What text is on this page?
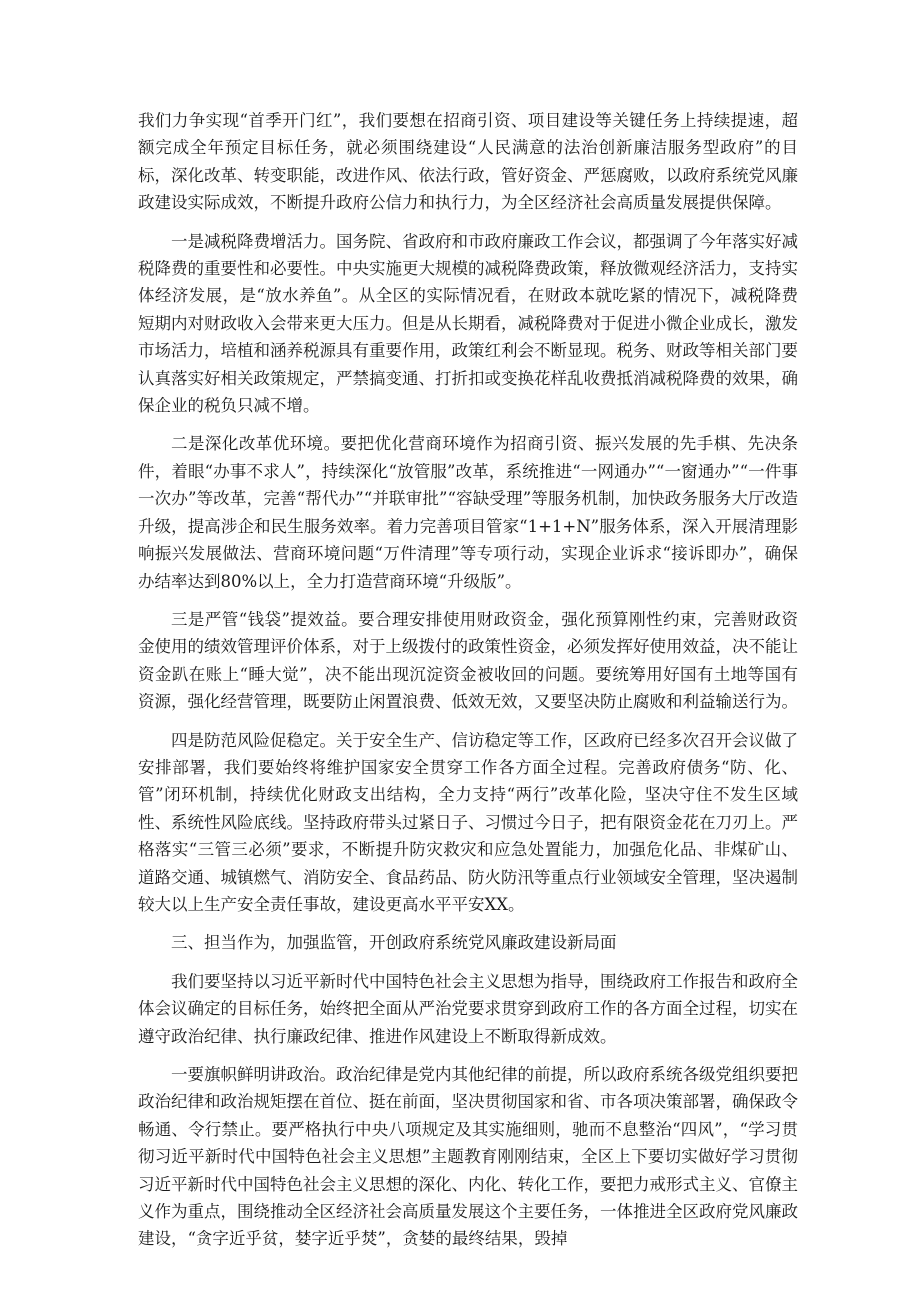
我们力争实现“首季开门红”，我们要想在招商引资、项目建设等关键任务上持续提速，超额完成全年预定目标任务，就必须围绕建设“人民满意的法治创新廉洁服务型政府”的目标，深化改革、转变职能，改进作风、依法行政，管好资金、严惩腐败，以政府系统党风廉政建设实际成效，不断提升政府公信力和执行力，为全区经济社会高质量发展提供保障。

一是减税降费增活力。国务院、省政府和市政府廉政工作会议，都强调了今年落实好减税降费的重要性和必要性。中央实施更大规模的减税降费政策，释放微观经济活力，支持实体经济发展，是“放水养鱼”。从全区的实际情况看，在财政本就吃紧的情况下，减税降费短期内对财政收入会带来更大压力。但是从长期看，减税降费对于促进小微企业成长，激发市场活力，培植和涵养税源具有重要作用，政策红利会不断显现。税务、财政等相关部门要认真落实好相关政策规定，严禁搞变通、打折扣或变换花样乱收费抵消减税降费的效果，确保企业的税负只减不增。

二是深化改革优环境。要把优化营商环境作为招商引资、振兴发展的先手棋、先决条件，着眼“办事不求人”，持续深化“放管服”改革，系统推进“一网通办”“一窗通办”“一件事一次办”等改革，完善“帮代办”“并联审批”“容缺受理”等服务机制，加快政务服务大厅改造升级，提高涉企和民生服务效率。着力完善项目管家“1+1+N”服务体系，深入开展清理影响振兴发展做法、营商环境问题“万件清理”等专项行动，实现企业诉求“接诉即办”，确保办结率达到80%以上，全力打造营商环境“升级版”。

三是严管“钱袋”提效益。要合理安排使用财政资金，强化预算刚性约束，完善财政资金使用的绩效管理评价体系，对于上级拨付的政策性资金，必须发挥好使用效益，决不能让资金趴在账上“睡大觉”，决不能出现沉淀资金被收回的问题。要统筹用好国有土地等国有资源，强化经营管理，既要防止闲置浪费、低效无效，又要坚决防止腐败和利益输送行为。

四是防范风险促稳定。关于安全生产、信访稳定等工作，区政府已经多次召开会议做了安排部署，我们要始终将维护国家安全贯穿工作各方面全过程。完善政府债务“防、化、管”闭环机制，持续优化财政支出结构，全力支持“两行”改革化险，坚决守住不发生区域性、系统性风险底线。坚持政府带头过紧日子、习惯过今日子，把有限资金花在刀刃上。严格落实“三管三必须”要求，不断提升防灾救灾和应急处置能力，加强危化品、非煤矿山、道路交通、城镇燃气、消防安全、食品药品、防火防汛等重点行业领域安全管理，坚决遏制较大以上生产安全责任事故，建设更高水平平安XX。

三、担当作为，加强监管，开创政府系统党风廉政建设新局面

我们要坚持以习近平新时代中国特色社会主义思想为指导，围绕政府工作报告和政府全体会议确定的目标任务，始终把全面从严治党要求贯穿到政府工作的各方面全过程，切实在遵守政治纪律、执行廉政纪律、推进作风建设上不断取得新成效。

一要旗帜鲜明讲政治。政治纪律是党内其他纪律的前提，所以政府系统各级党组织要把政治纪律和政治规矩摆在首位、挺在前面，坚决贯彻国家和省、市各项决策部署，确保政令畅通、令行禁止。要严格执行中央八项规定及其实施细则，驰而不息整治“四风”，“学习贯彻习近平新时代中国特色社会主义思想”主题教育刚刚结束，全区上下要切实做好学习贯彻习近平新时代中国特色社会主义思想的深化、内化、转化工作，要把力戒形式主义、官僚主义作为重点，围绕推动全区经济社会高质量发展这个主要任务，一体推进全区政府党风廉政建设，“贪字近乎贫，婪字近乎焚”，贪婪的最终结果，毁掉
